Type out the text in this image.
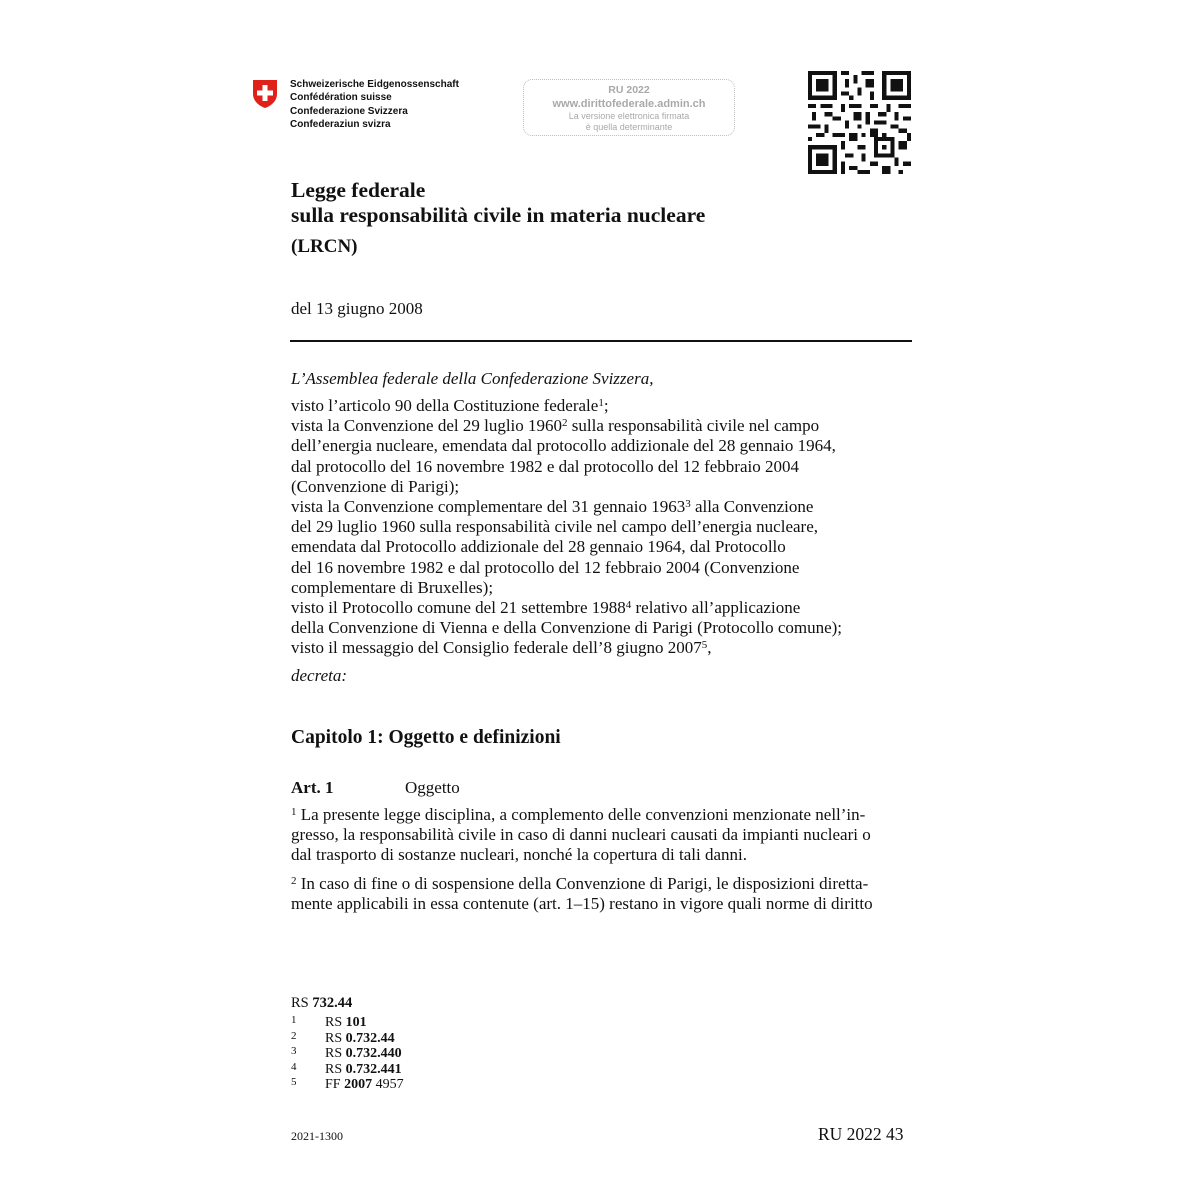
Schweizerische Eidgenossenschaft
Confédération suisse
Confederazione Svizzera
Confederaziun svizra
RU 2022
www.dirittofederale.admin.ch
La versione elettronica firmata
è quella determinante
Legge federale
sulla responsabilità civile in materia nucleare
(LRCN)
del 13 giugno 2008
L’Assemblea federale della Confederazione Svizzera,
visto l’articolo 90 della Costituzione federale$^1$;
vista la Convenzione del 29 luglio 1960$^2$ sulla responsabilità civile nel campo
dell’energia nucleare, emendata dal protocollo addizionale del 28 gennaio 1964,
dal protocollo del 16 novembre 1982 e dal protocollo del 12 febbraio 2004
(Convenzione di Parigi);
vista la Convenzione complementare del 31 gennaio 1963$^3$ alla Convenzione
del 29 luglio 1960 sulla responsabilità civile nel campo dell’energia nucleare,
emendata dal Protocollo addizionale del 28 gennaio 1964, dal Protocollo
del 16 novembre 1982 e dal protocollo del 12 febbraio 2004 (Convenzione
complementare di Bruxelles);
visto il Protocollo comune del 21 settembre 1988$^4$ relativo all’applicazione
della Convenzione di Vienna e della Convenzione di Parigi (Protocollo comune);
visto il messaggio del Consiglio federale dell’8 giugno 2007$^5$,
decreta:
Capitolo 1: Oggetto e definizioni
Art. 1	Oggetto
$^1$ La presente legge disciplina, a complemento delle convenzioni menzionate nell’in-
gresso, la responsabilità civile in caso di danni nucleari causati da impianti nucleari o
dal trasporto di sostanze nucleari, nonché la copertura di tali danni.
$^2$ In caso di fine o di sospensione della Convenzione di Parigi, le disposizioni diretta-
mente applicabili in essa contenute (art. 1–15) restano in vigore quali norme di diritto
RS 732.44
1 RS 101
2 RS 0.732.44
3 RS 0.732.440
4 RS 0.732.441
5 FF 2007 4957
2021-1300	RU 2022 43
